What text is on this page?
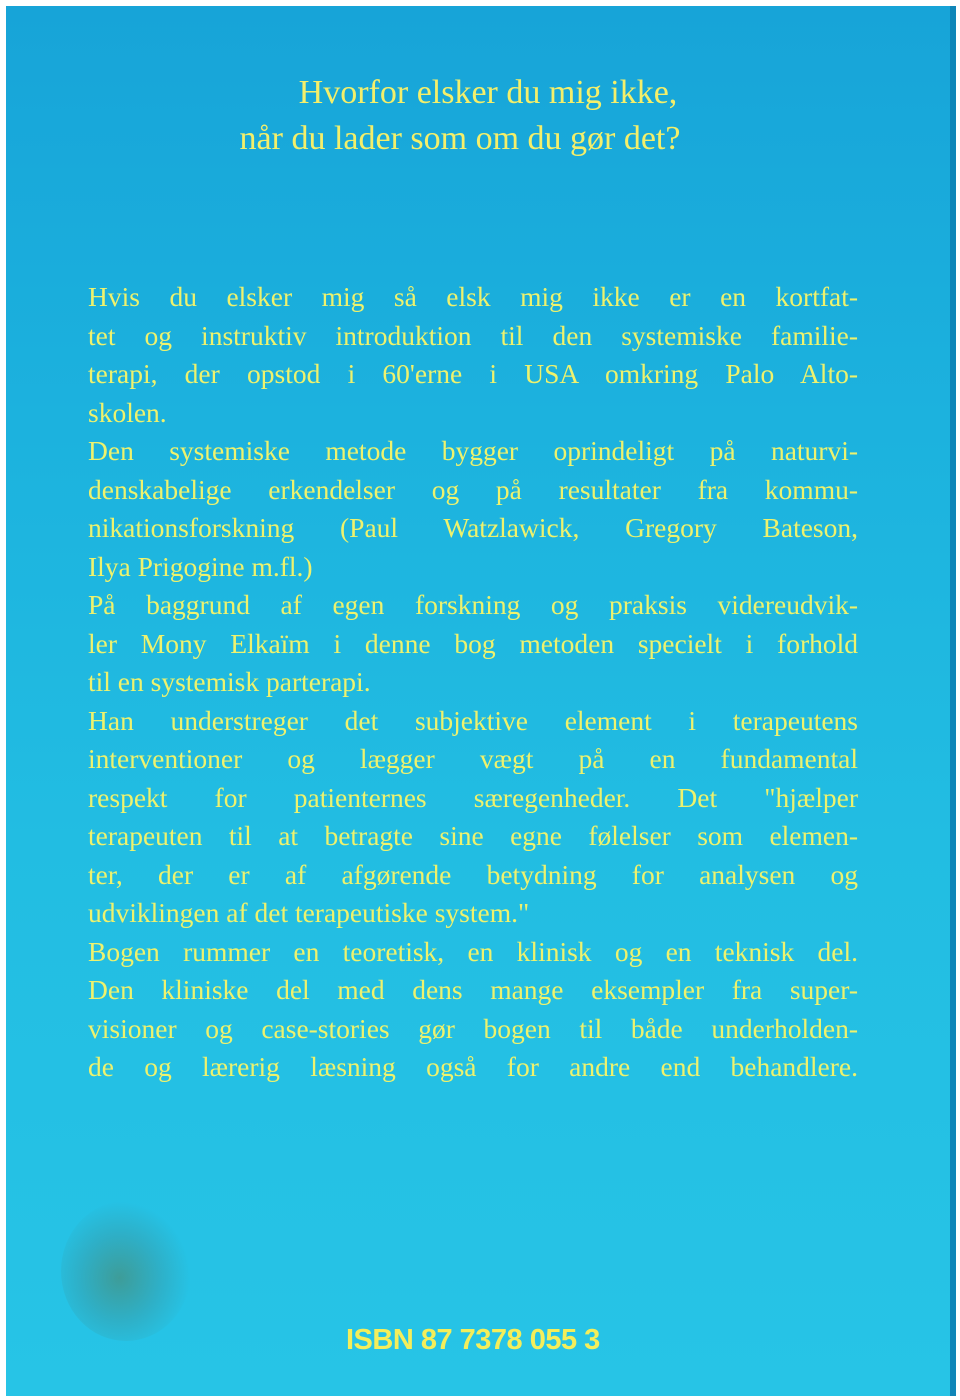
Hvorfor elsker du mig ikke,
når du lader som om du gør det?
Hvis du elsker mig så elsk mig ikke er en kortfat-
tet og instruktiv introduktion til den systemiske familie-
terapi, der opstod i 60'erne i USA omkring Palo Alto-
skolen.
Den systemiske metode bygger oprindeligt på naturvi-
denskabelige erkendelser og på resultater fra kommu-
nikationsforskning (Paul Watzlawick, Gregory Bateson,
Ilya Prigogine m.fl.)
På baggrund af egen forskning og praksis videreudvik-
ler Mony Elkaïm i denne bog metoden specielt i forhold
til en systemisk parterapi.
Han understreger det subjektive element i terapeutens
interventioner og lægger vægt på en fundamental
respekt for patienternes særegenheder. Det "hjælper
terapeuten til at betragte sine egne følelser som elemen-
ter, der er af afgørende betydning for analysen og
udviklingen af det terapeutiske system."
Bogen rummer en teoretisk, en klinisk og en teknisk del.
Den kliniske del med dens mange eksempler fra super-
visioner og case-stories gør bogen til både underholden-
de og lærerig læsning også for andre end behandlere.
ISBN 87 7378 055 3
